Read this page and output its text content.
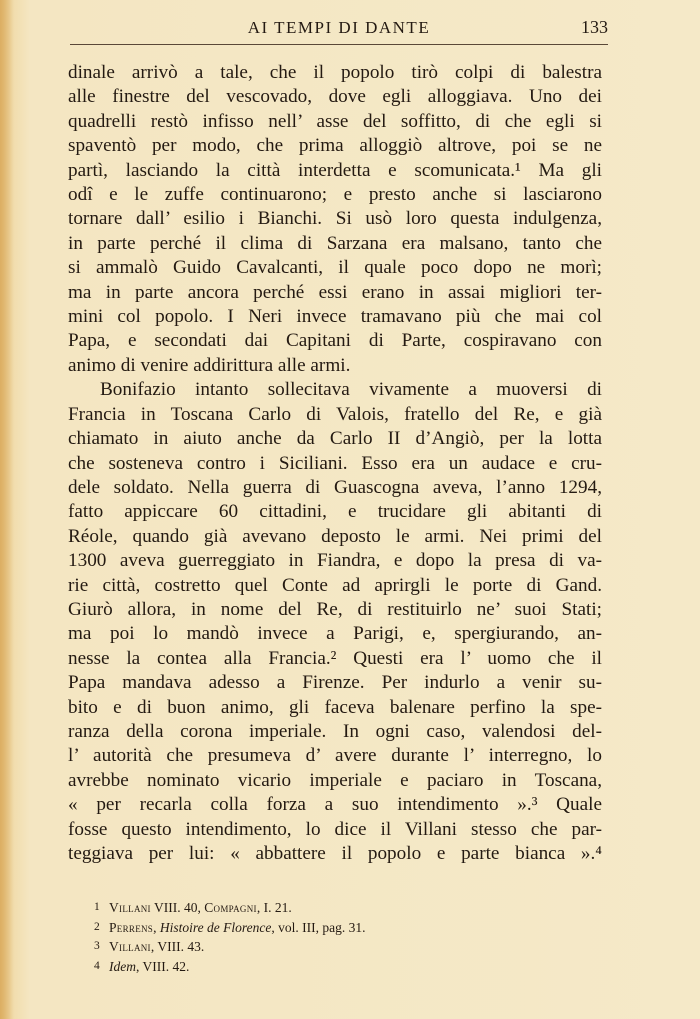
AI TEMPI DI DANTE	133
dinale arrivò a tale, che il popolo tirò colpi di balestra
alle finestre del vescovado, dove egli alloggiava. Uno dei
quadrelli restò infisso nell’ asse del soffitto, di che egli si
spaventò per modo, che prima alloggiò altrove, poi se ne
partì, lasciando la città interdetta e scomunicata.¹ Ma gli
odî e le zuffe continuarono; e presto anche si lasciarono
tornare dall’ esilio i Bianchi. Si usò loro questa indulgenza,
in parte perché il clima di Sarzana era malsano, tanto che
si ammalò Guido Cavalcanti, il quale poco dopo ne morì;
ma in parte ancora perché essi erano in assai migliori ter-
mini col popolo. I Neri invece tramavano più che mai col
Papa, e secondati dai Capitani di Parte, cospiravano con
animo di venire addirittura alle armi.
Bonifazio intanto sollecitava vivamente a muoversi di
Francia in Toscana Carlo di Valois, fratello del Re, e già
chiamato in aiuto anche da Carlo II d’Angiò, per la lotta
che sosteneva contro i Siciliani. Esso era un audace e cru-
dele soldato. Nella guerra di Guascogna aveva, l’anno 1294,
fatto appiccare 60 cittadini, e trucidare gli abitanti di
Réole, quando già avevano deposto le armi. Nei primi del
1300 aveva guerreggiato in Fiandra, e dopo la presa di va-
rie città, costretto quel Conte ad aprirgli le porte di Gand.
Giurò allora, in nome del Re, di restituirlo ne’ suoi Stati;
ma poi lo mandò invece a Parigi, e, spergiurando, an-
nesse la contea alla Francia.² Questi era l’ uomo che il
Papa mandava adesso a Firenze. Per indurlo a venir su-
bito e di buon animo, gli faceva balenare perfino la spe-
ranza della corona imperiale. In ogni caso, valendosi del-
l’ autorità che presumeva d’ avere durante l’ interregno, lo
avrebbe nominato vicario imperiale e paciaro in Toscana,
« per recarla colla forza a suo intendimento ».³ Quale
fosse questo intendimento, lo dice il Villani stesso che par-
teggiava per lui: « abbattere il popolo e parte bianca ».⁴
1 Villani VIII. 40, Compagni, I. 21.
2 Perrens, Histoire de Florence, vol. III, pag. 31.
3 Villani, VIII. 43.
4 Idem, VIII. 42.
